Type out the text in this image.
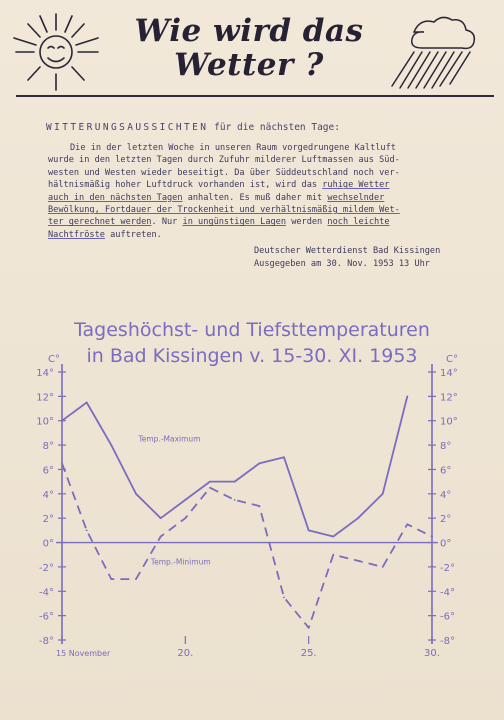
Wie wird das
Wetter ?
WITTERUNGSAUSSICHTEN für die nächsten Tage:

Die in der letzten Woche in unseren Raum vorgedrungene Kaltluft

wurde in den letzten Tagen durch Zufuhr milderer Luftmassen aus Süd-
westen und Westen wieder beseitigt. Da über Süddeutschland noch ver-
hältnismäßig hoher Luftdruck vorhanden ist, wird das ruhige Wetter
auch in den nächsten Tagen anhalten. Es muß daher mit wechselnder
Bewölkung, Fortdauer der Trockenheit und verhältnismäßig mildem Wet-
ter gerechnet werden. Nur in ungünstigen Lagen werden noch leichte
Nachtfröste auftreten.
Deutscher Wetterdienst Bad Kissingen
Ausgegeben am 30. Nov. 1953 13 Uhr
Tageshöchst- und Tiefsttemperaturen
in Bad Kissingen v. 15-30. XI. 1953
C°	C°
14°	14°
12°	12°
10°	10°
8°	8°
6°	6°
4°	4°
2°	2°
0°	0°
-2°	-2°
-4°	-4°
-6°	-6°
-8°	-8°
15 November	20.	25.	30.
Temp.-Maximum
Temp.-Minimum
